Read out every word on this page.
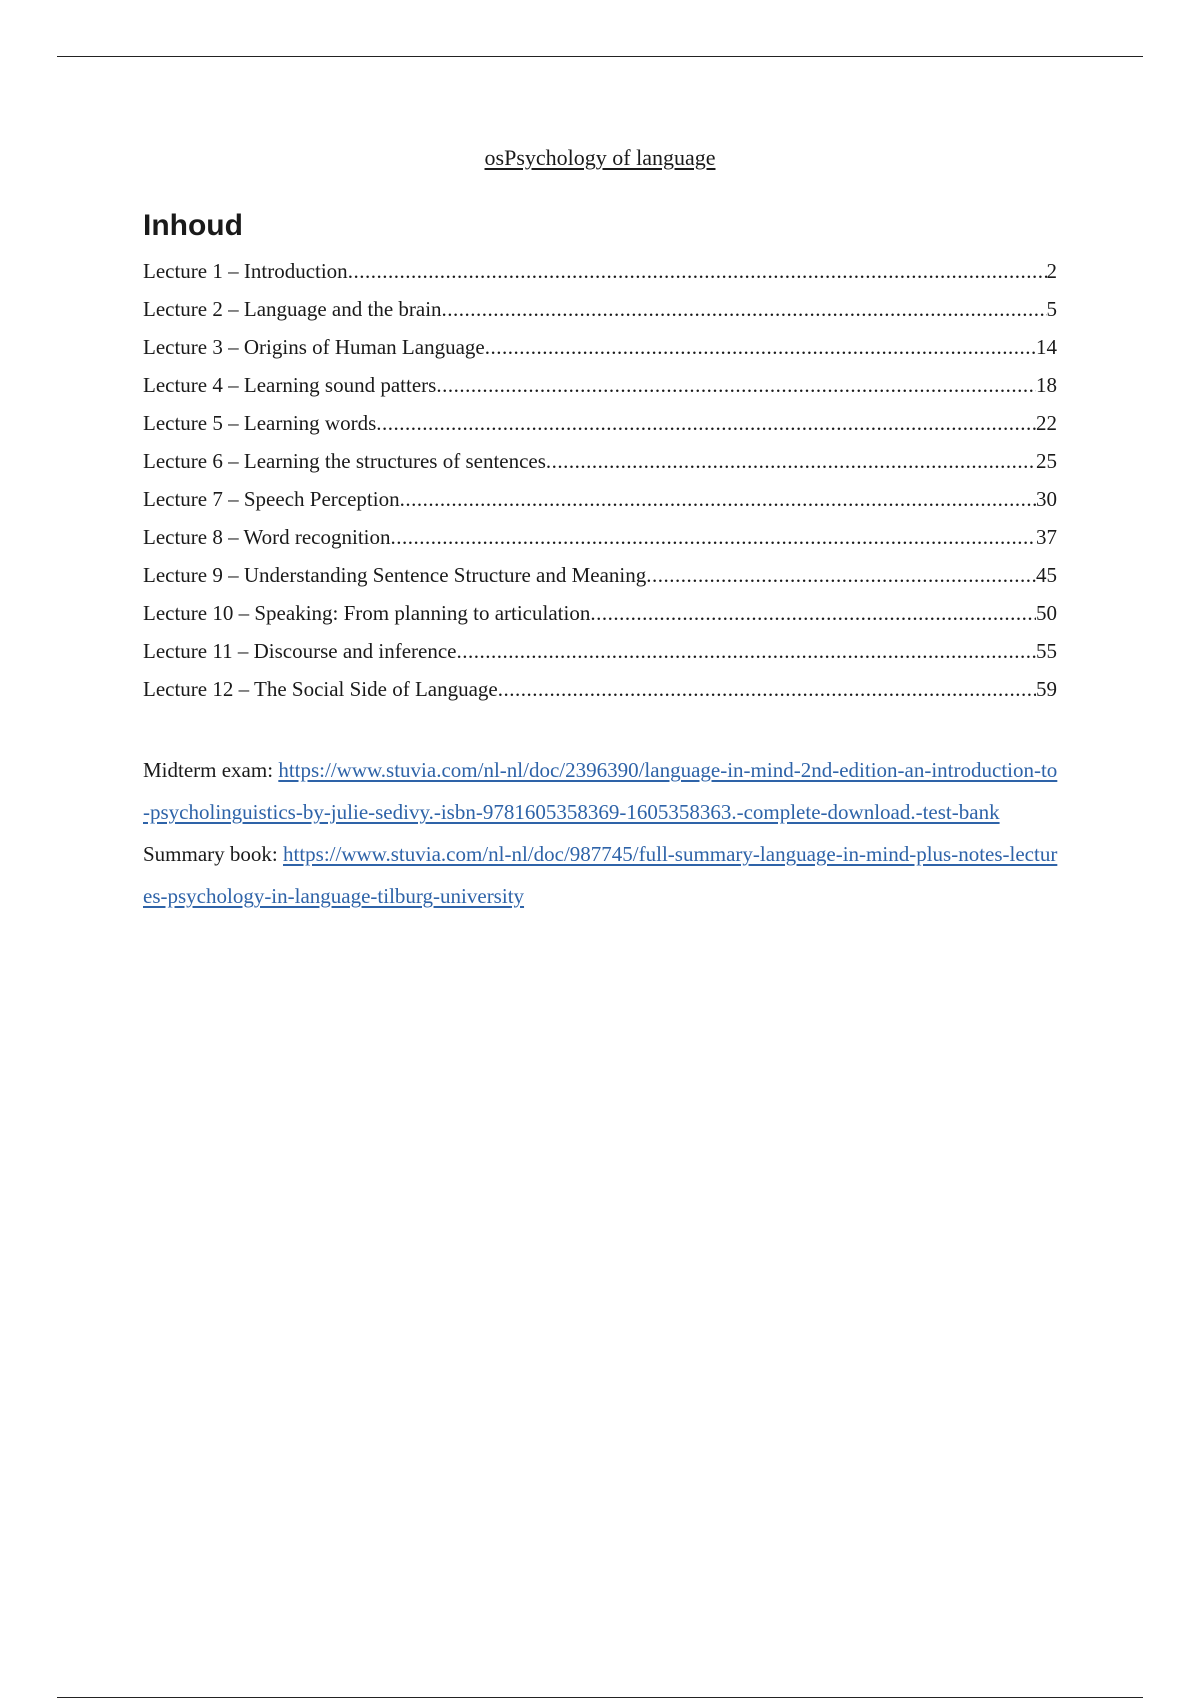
osPsychology of language
Inhoud
Lecture 1 – Introduction .....	2
Lecture 2 – Language and the brain .....	5
Lecture 3 – Origins of Human Language .....	14
Lecture 4 – Learning sound patters .....	18
Lecture 5 – Learning words .....	22
Lecture 6 – Learning the structures of sentences .....	25
Lecture 7 – Speech Perception .....	30
Lecture 8 – Word recognition .....	37
Lecture 9 – Understanding Sentence Structure and Meaning .....	45
Lecture 10 – Speaking: From planning to articulation .....	50
Lecture 11 – Discourse and inference .....	55
Lecture 12 – The Social Side of Language .....	59

Midterm exam: https://www.stuvia.com/nl-nl/doc/2396390/language-in-mind-2nd-edition-an-introduction-to-psycholinguistics-by-julie-sedivy.-isbn-9781605358369-1605358363.-complete-download.-test-bank

Summary book: https://www.stuvia.com/nl-nl/doc/987745/full-summary-language-in-mind-plus-notes-lectures-psychology-in-language-tilburg-university
